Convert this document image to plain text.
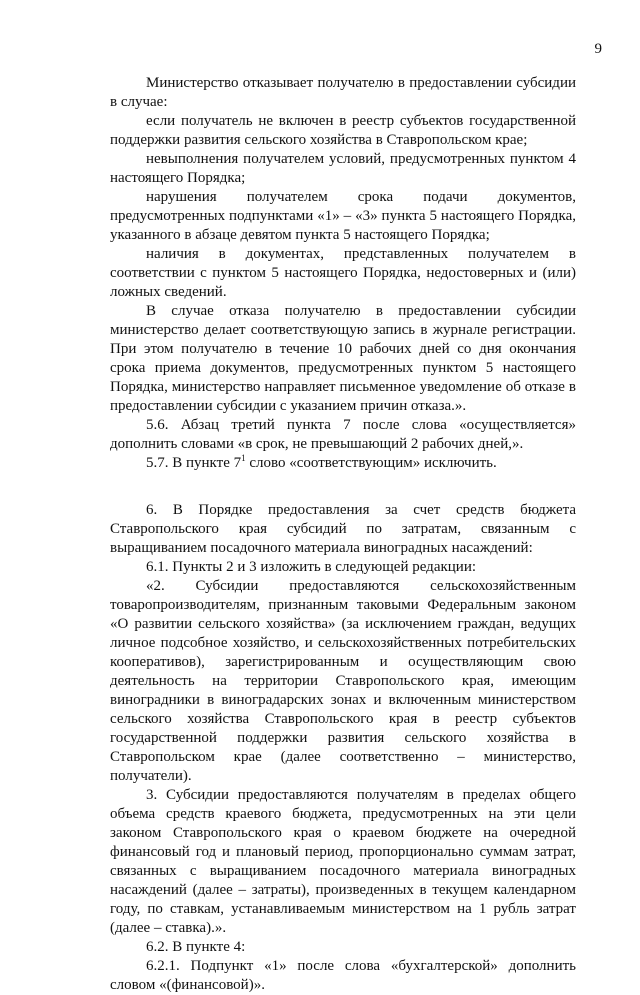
9

Министерство отказывает получателю в предоставлении субсидии в случае:

если получатель не включен в реестр субъектов государственной поддержки развития сельского хозяйства в Ставропольском крае;

невыполнения получателем условий, предусмотренных пунктом 4 настоящего Порядка;

нарушения получателем срока подачи документов, предусмотренных подпунктами «1» – «3» пункта 5 настоящего Порядка, указанного в абзаце девятом пункта 5 настоящего Порядка;

наличия в документах, представленных получателем в соответствии с пунктом 5 настоящего Порядка, недостоверных и (или) ложных сведений.

В случае отказа получателю в предоставлении субсидии министерство делает соответствующую запись в журнале регистрации. При этом получателю в течение 10 рабочих дней со дня окончания срока приема документов, предусмотренных пунктом 5 настоящего Порядка, министерство направляет письменное уведомление об отказе в предоставлении субсидии с указанием причин отказа.».

5.6. Абзац третий пункта 7 после слова «осуществляется» дополнить словами «в срок, не превышающий 2 рабочих дней,».

5.7. В пункте $7^1$ слово «соответствующим» исключить.

6. В Порядке предоставления за счет средств бюджета Ставропольского края субсидий по затратам, связанным с выращиванием посадочного материала виноградных насаждений:

6.1. Пункты 2 и 3 изложить в следующей редакции:

«2. Субсидии предоставляются сельскохозяйственным товаропроизводителям, признанным таковыми Федеральным законом «О развитии сельского хозяйства» (за исключением граждан, ведущих личное подсобное хозяйство, и сельскохозяйственных потребительских кооперативов), зарегистрированным и осуществляющим свою деятельность на территории Ставропольского края, имеющим виноградники в виноградарских зонах и включенным министерством сельского хозяйства Ставропольского края в реестр субъектов государственной поддержки развития сельского хозяйства в Ставропольском крае (далее соответственно – министерство, получатели).

3. Субсидии предоставляются получателям в пределах общего объема средств краевого бюджета, предусмотренных на эти цели законом Ставропольского края о краевом бюджете на очередной финансовый год и плановый период, пропорционально суммам затрат, связанных с выращиванием посадочного материала виноградных насаждений (далее – затраты), произведенных в текущем календарном году, по ставкам, устанавливаемым министерством на 1 рубль затрат (далее – ставка).».

6.2. В пункте 4:

6.2.1. Подпункт «1» после слова «бухгалтерской» дополнить словом «(финансовой)».
